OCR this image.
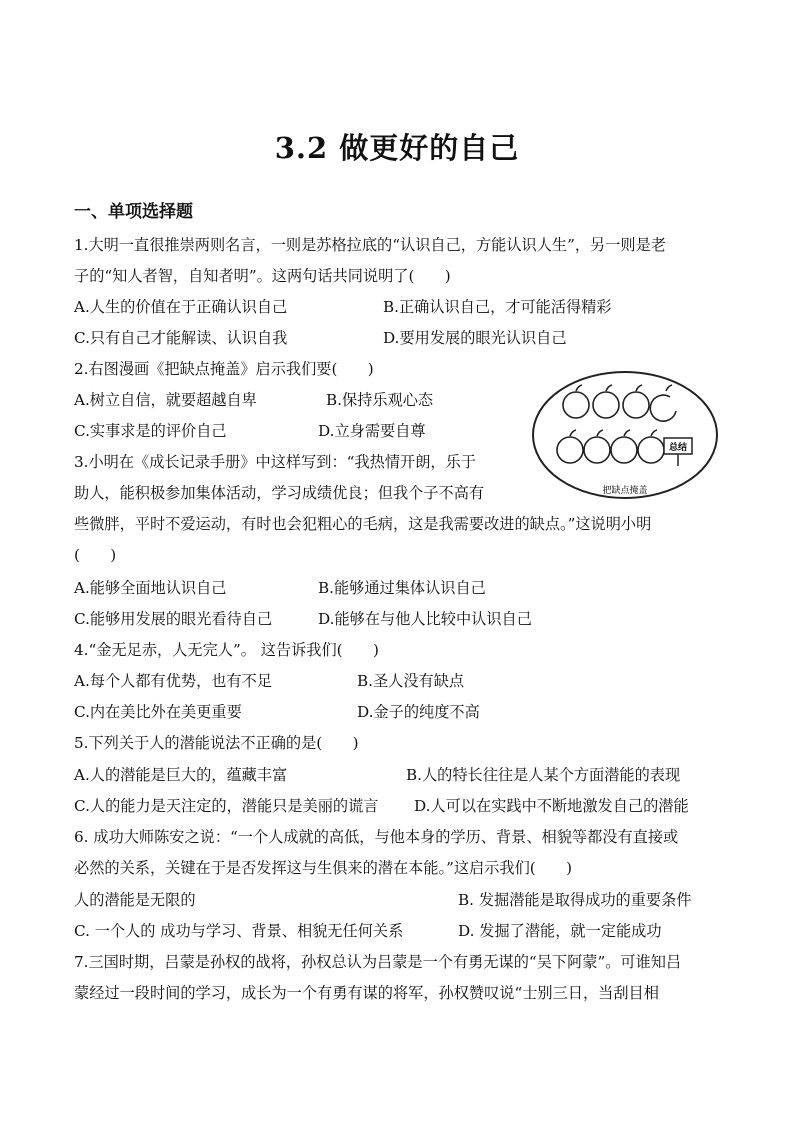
3.2 做更好的自己
一、单项选择题
1.大明一直很推崇两则名言，一则是苏格拉底的“认识自己，方能认识人生”，另一则是老
子的“知人者智，自知者明”。这两句话共同说明了(　　)
A.人生的价值在于正确认识自己	B.正确认识自己，才可能活得精彩
C.只有自己才能解读、认识自我	D.要用发展的眼光认识自己
2.右图漫画《把缺点掩盖》启示我们要(　　)
A.树立自信，就要超越自卑	B.保持乐观心态
C.实事求是的评价自己	D.立身需要自尊
总结
把缺点掩盖
3.小明在《成长记录手册》中这样写到：“我热情开朗，乐于
助人，能积极参加集体活动，学习成绩优良；但我个子不高有
些微胖，平时不爱运动，有时也会犯粗心的毛病，这是我需要改进的缺点。”这说明小明
(　　)
A.能够全面地认识自己	B.能够通过集体认识自己
C.能够用发展的眼光看待自己	D.能够在与他人比较中认识自己
4.“金无足赤，人无完人”。 这告诉我们(　　)
A.每个人都有优势，也有不足	B.圣人没有缺点
C.内在美比外在美更重要	D.金子的纯度不高
5.下列关于人的潜能说法不正确的是(　　)
A.人的潜能是巨大的，蕴藏丰富	B.人的特长往往是人某个方面潜能的表现
C.人的能力是天注定的，潜能只是美丽的谎言 D.人可以在实践中不断地激发自己的潜能
6. 成功大师陈安之说：“一个人成就的高低，与他本身的学历、背景、相貌等都没有直接或
必然的关系，关键在于是否发挥这与生俱来的潜在本能。”这启示我们(　　)
人的潜能是无限的	B. 发掘潜能是取得成功的重要条件
C. 一个人的 成功与学习、背景、相貌无任何关系	D. 发掘了潜能，就一定能成功
7.三国时期，吕蒙是孙权的战将，孙权总认为吕蒙是一个有勇无谋的“吴下阿蒙”。可谁知吕
蒙经过一段时间的学习，成长为一个有勇有谋的将军，孙权赞叹说“士别三日，当刮目相
